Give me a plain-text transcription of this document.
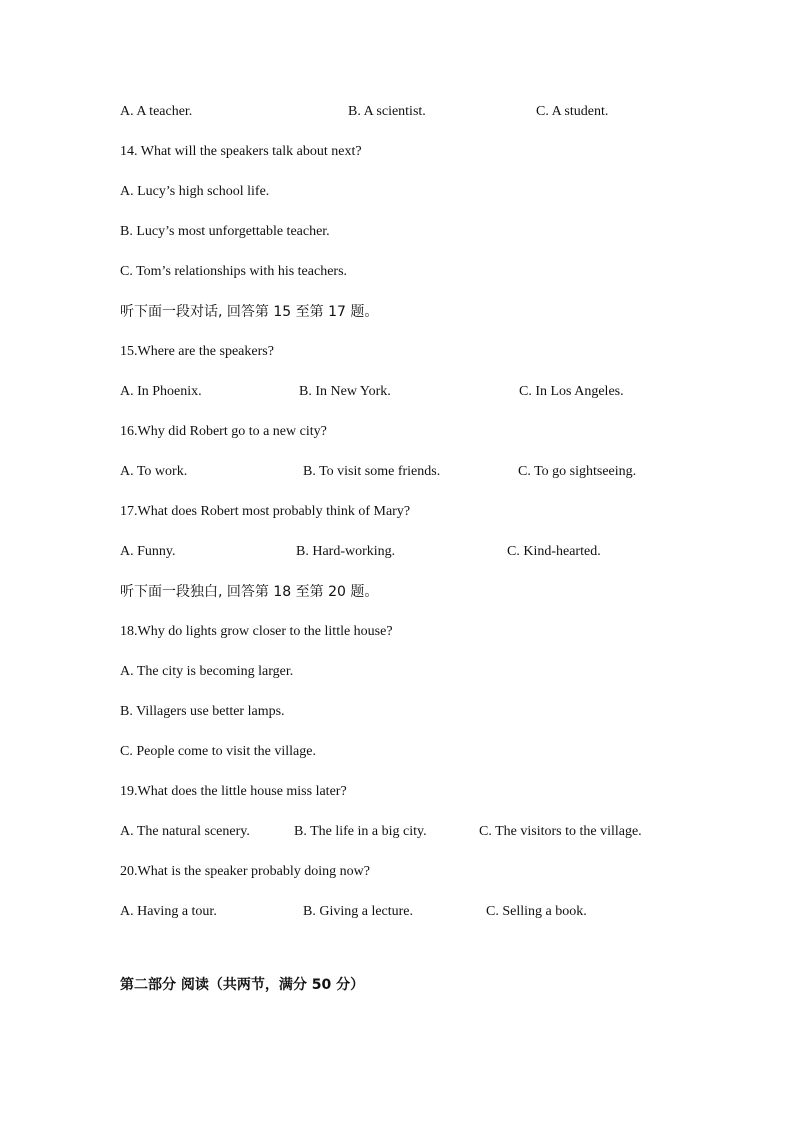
A. A teacher.	B. A scientist.	C. A student.
14. What will the speakers talk about next?
A. Lucy’s high school life.
B. Lucy’s most unforgettable teacher.
C. Tom’s relationships with his teachers.
听下面一段对话, 回答第 15 至第 17 题。
15.Where are the speakers?
A. In Phoenix.	B. In New York.	C. In Los Angeles.
16.Why did Robert go to a new city?
A. To work.	B. To visit some friends.	C. To go sightseeing.
17.What does Robert most probably think of Mary?
A. Funny.	B. Hard-working.	C. Kind-hearted.
听下面一段独白, 回答第 18 至第 20 题。
18.Why do lights grow closer to the little house?
A. The city is becoming larger.
B. Villagers use better lamps.
C. People come to visit the village.
19.What does the little house miss later?
A. The natural scenery.	B. The life in a big city.	C. The visitors to the village.
20.What is the speaker probably doing now?
A. Having a tour.	B. Giving a lecture.	C. Selling a book.
第二部分 阅读（共两节，满分 50 分）
